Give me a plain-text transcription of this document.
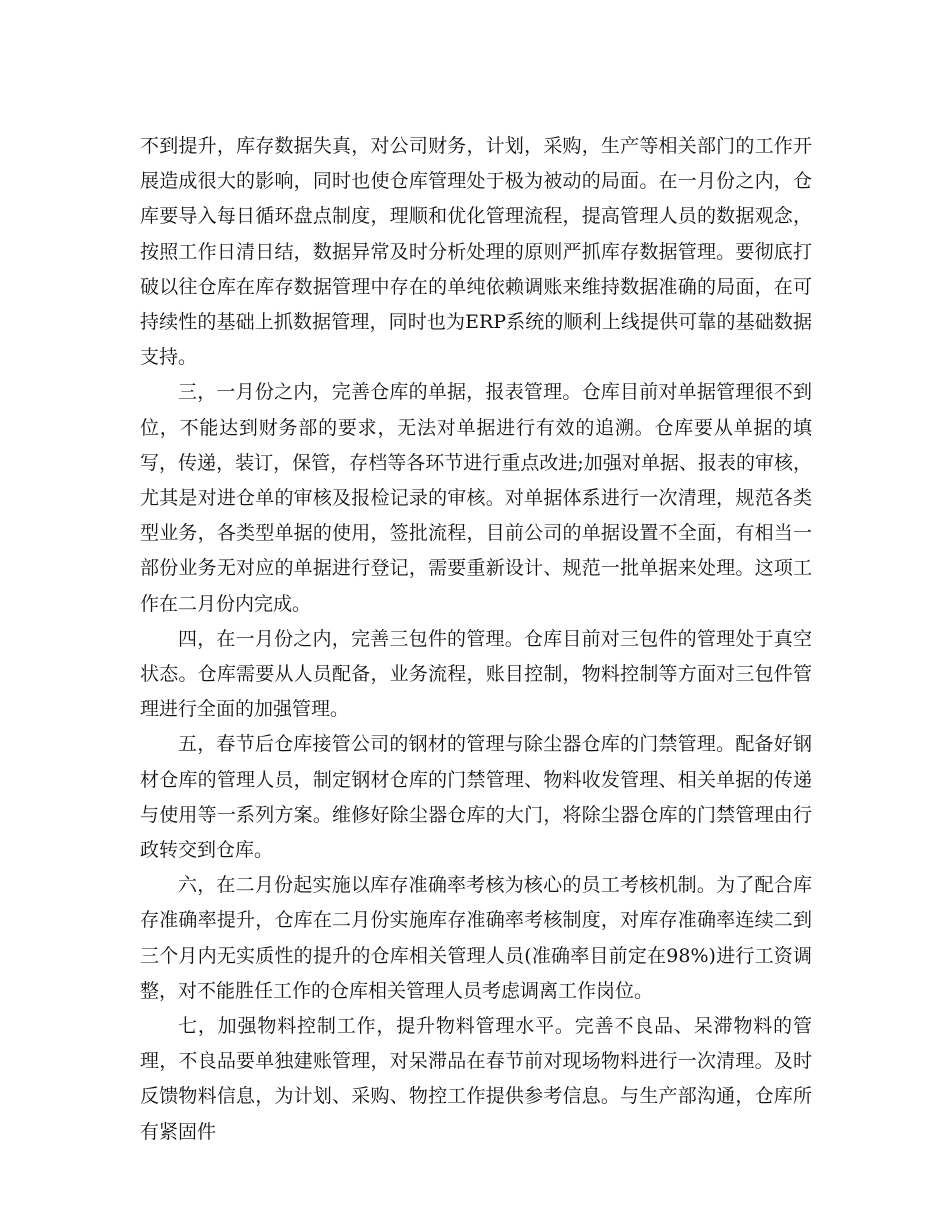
不到提升，库存数据失真，对公司财务，计划，采购，生产等相关部门的工作开展造成很大的影响，同时也使仓库管理处于极为被动的局面。在一月份之内，仓库要导入每日循环盘点制度，理顺和优化管理流程，提高管理人员的数据观念，按照工作日清日结，数据异常及时分析处理的原则严抓库存数据管理。要彻底打破以往仓库在库存数据管理中存在的单纯依赖调账来维持数据准确的局面，在可持续性的基础上抓数据管理，同时也为ERP系统的顺利上线提供可靠的基础数据支持。

三，一月份之内，完善仓库的单据，报表管理。仓库目前对单据管理很不到位，不能达到财务部的要求，无法对单据进行有效的追溯。仓库要从单据的填写，传递，装订，保管，存档等各环节进行重点改进;加强对单据、报表的审核，尤其是对进仓单的审核及报检记录的审核。对单据体系进行一次清理，规范各类型业务，各类型单据的使用，签批流程，目前公司的单据设置不全面，有相当一部份业务无对应的单据进行登记，需要重新设计、规范一批单据来处理。这项工作在二月份内完成。

四，在一月份之内，完善三包件的管理。仓库目前对三包件的管理处于真空状态。仓库需要从人员配备，业务流程，账目控制，物料控制等方面对三包件管理进行全面的加强管理。

五，春节后仓库接管公司的钢材的管理与除尘器仓库的门禁管理。配备好钢材仓库的管理人员，制定钢材仓库的门禁管理、物料收发管理、相关单据的传递与使用等一系列方案。维修好除尘器仓库的大门，将除尘器仓库的门禁管理由行政转交到仓库。

六，在二月份起实施以库存准确率考核为核心的员工考核机制。为了配合库存准确率提升，仓库在二月份实施库存准确率考核制度，对库存准确率连续二到三个月内无实质性的提升的仓库相关管理人员(准确率目前定在98%)进行工资调整，对不能胜任工作的仓库相关管理人员考虑调离工作岗位。

七，加强物料控制工作，提升物料管理水平。完善不良品、呆滞物料的管理，不良品要单独建账管理，对呆滞品在春节前对现场物料进行一次清理。及时反馈物料信息，为计划、采购、物控工作提供参考信息。与生产部沟通，仓库所有紧固件
